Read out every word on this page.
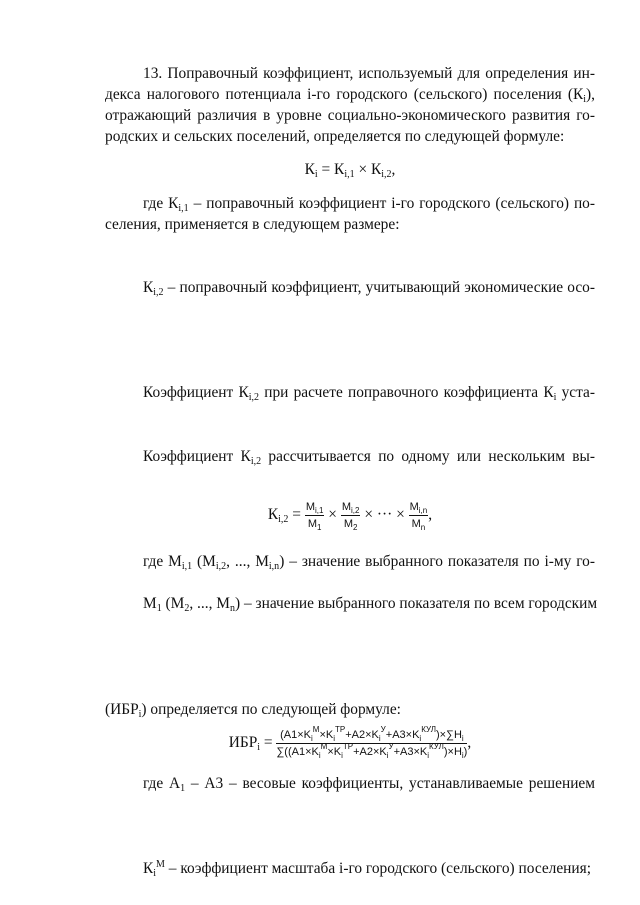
13. Поправочный коэффициент, используемый для определения ин-
декса налогового потенциала i-го городского (сельского) поселения $(К_i)$,
отражающий различия в уровне социально-экономического развития го-
родских и сельских поселений, определяется по следующей формуле:
$К_i = К_{i,1} \times К_{i,2}$,
где $К_{i,1}$ – поправочный коэффициент i-го городского (сельского) по-
селения, применяется в следующем размере:
$К_{i,2}$ – поправочный коэффициент, учитывающий экономические осо-
Коэффициент $К_{i,2}$ при расчете поправочного коэффициента $К_i$ уста-
Коэффициент $К_{i,2}$ рассчитывается по одному или нескольким вы-
$К_{i,2} = \frac{M_{i,1}}{M_1} \times \frac{M_{i,2}}{M_2}$ × ··· × $\frac{M_{i,n}}{M_n}$ ,
где $М_{i,1}$ ($М_{i,2}$, ..., $М_{i,n}$) – значение выбранного показателя по i-му го-
$М_1$ ($М_2$, ..., $М_n$) – значение выбранного показателя по всем городским
$(ИБР_i)$ определяется по следующей формуле:
$ИБР_i = \frac{(A1\times K_i^M\times K_i^{ТР}+A2\times K_i^У+A3\times K_i^{КУЛ})\times\sum H_i}{\sum((A1\times K_i^M\times K_i^{ТР}+A2\times K_i^У+A3\times K_i^{КУЛ})\times H_i)}$ ,
где $А_1 - А3$ – весовые коэффициенты, устанавливаемые решением
$К_i^М$ – коэффициент масштаба i-го городского (сельского) поселения;
